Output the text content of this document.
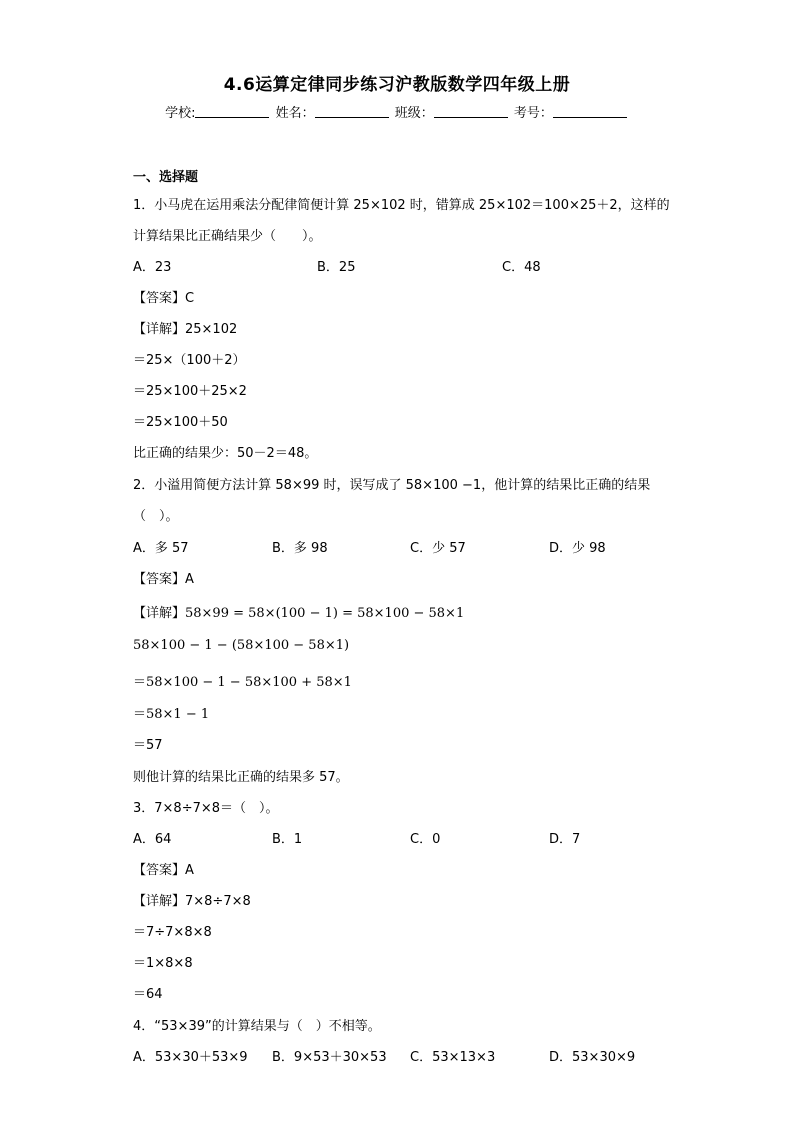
4.6运算定律同步练习沪教版数学四年级上册
学校:	姓名：	班级：	考号：
一、选择题
1．小马虎在运用乘法分配律简便计算 25×102 时，错算成 25×102＝100×25＋2，这样的
计算结果比正确结果少（　　）。
A．23	B．25	C．48
【答案】C
【详解】25×102
＝25×（100＋2）
＝25×100＋25×2
＝25×100＋50
比正确的结果少：50－2＝48。
2．小溢用简便方法计算 58×99 时，误写成了 58×100 −1，他计算的结果比正确的结果
（　）。
A．多 57	B．多 98	C．少 57	D．少 98
【答案】A
【详解】58×99 = 58×(100 − 1) = 58×100 − 58×1
58×100 − 1 − (58×100 − 58×1)
＝58×100 − 1 − 58×100 + 58×1
＝58×1 − 1
＝57
则他计算的结果比正确的结果多 57。
3．7×8÷7×8＝（　）。
A．64	B．1	C．0	D．7
【答案】A
【详解】7×8÷7×8
＝7÷7×8×8
＝1×8×8
＝64
4．“53×39”的计算结果与（　）不相等。
A．53×30＋53×9 B．9×53＋30×53 C．53×13×3	D．53×30×9
